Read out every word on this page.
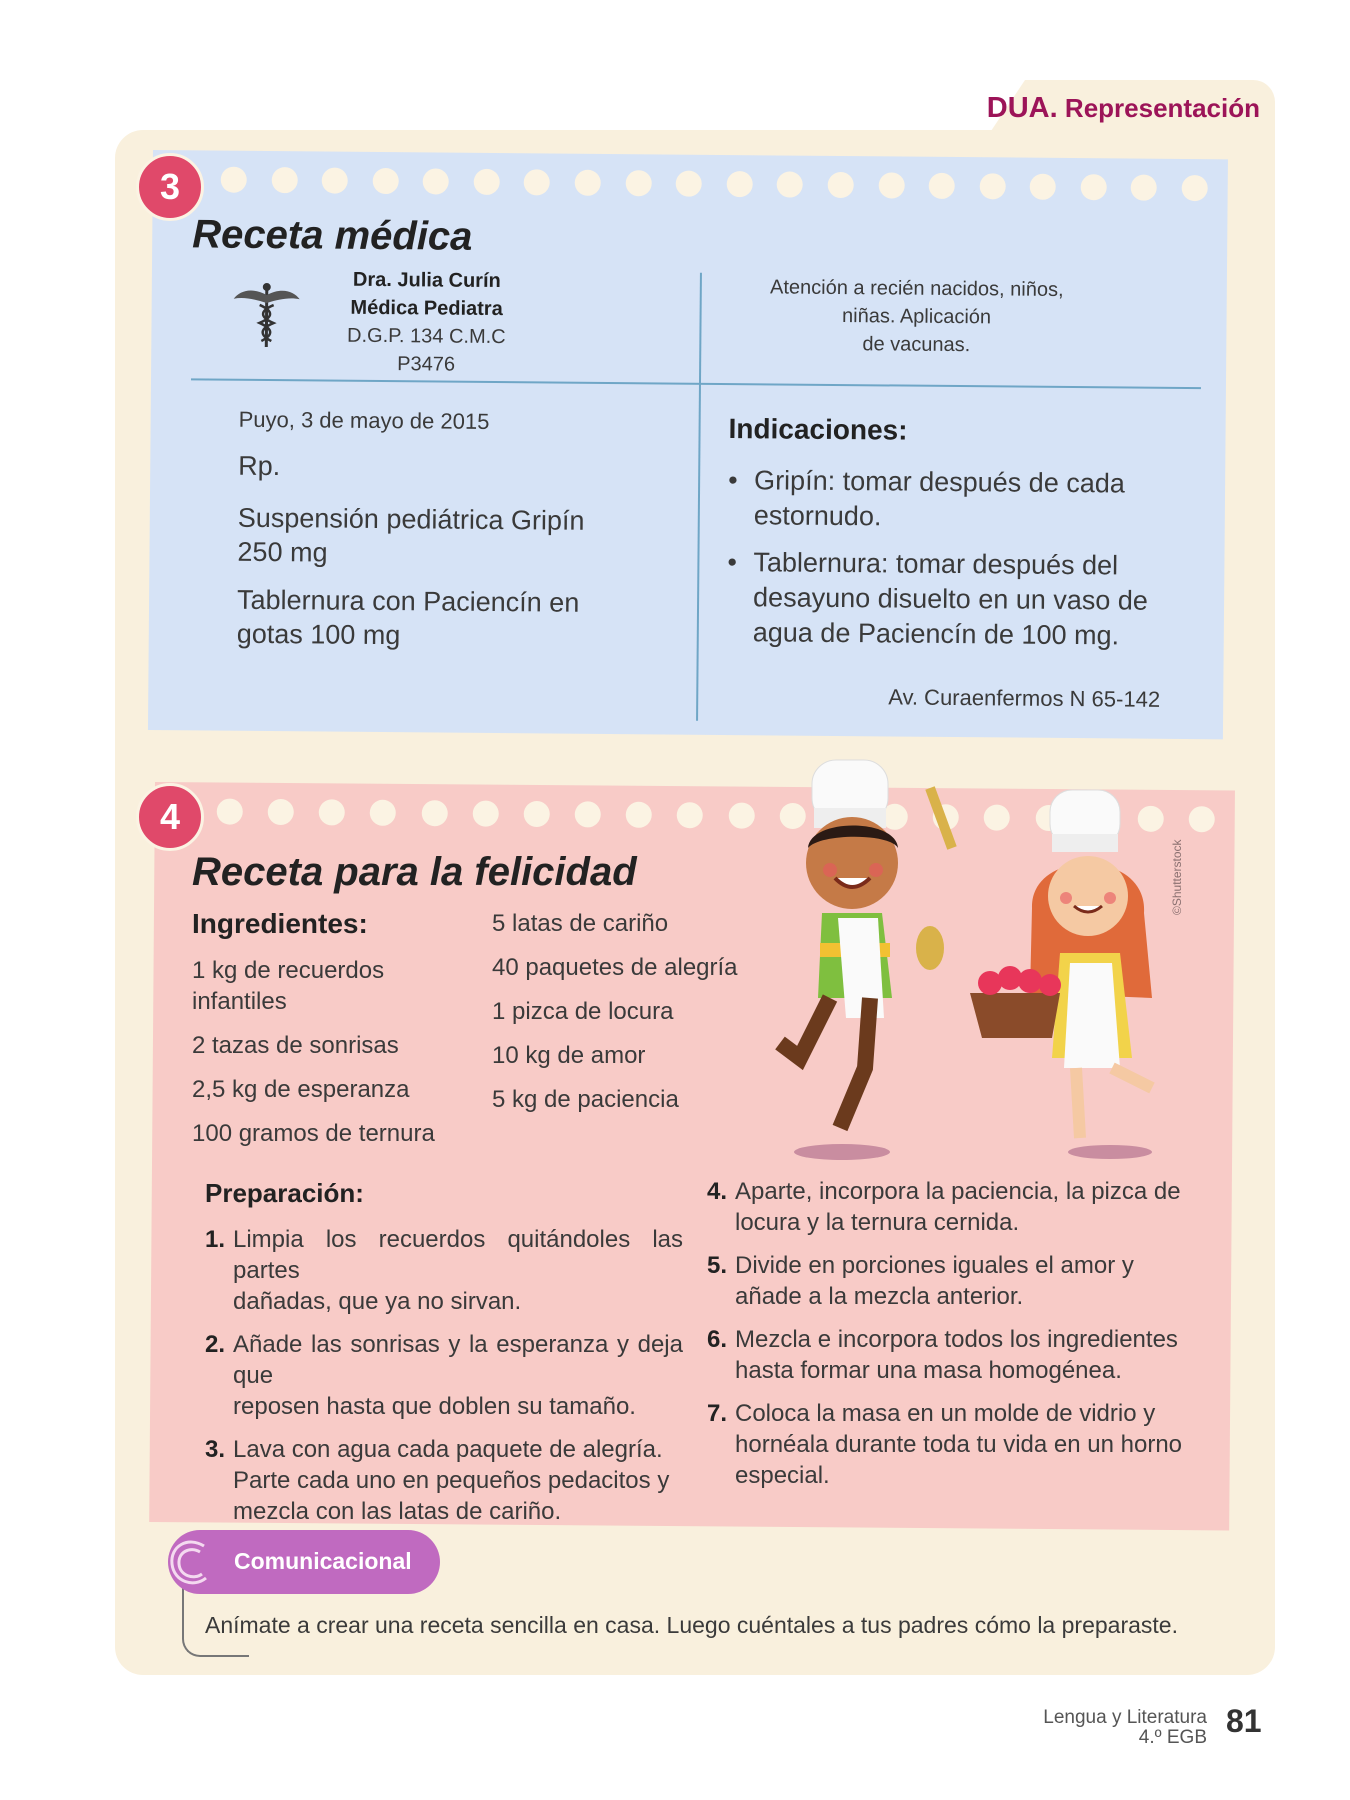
DUA. Representación
Receta médica
Dra. Julia Curín
Médica Pediatra
D.G.P. 134 C.M.C P3476
Atención a recién nacidos, niños,
niñas. Aplicación
de vacunas.
Puyo, 3 de mayo de 2015
Rp.
Suspensión pediátrica Gripín
250 mg
Tablernura con Paciencín en
gotas 100 mg
Indicaciones:
• Gripín: tomar después de cada
estornudo.
• Tablernura: tomar después del
desayuno disuelto en un vaso de
agua de Paciencín de 100 mg.
Av. Curaenfermos N 65-142
3
4
Receta para la felicidad
Ingredientes:
1 kg de recuerdos
infantiles
2 tazas de sonrisas
2,5 kg de esperanza
100 gramos de ternura
5 latas de cariño
40 paquetes de alegría
1 pizca de locura
10 kg de amor
5 kg de paciencia
©Shutterstock
Preparación:
1. Limpia los recuerdos quitándoles las partes
dañadas, que ya no sirvan.
2. Añade las sonrisas y la esperanza y deja que
reposen hasta que doblen su tamaño.
3. Lava con agua cada paquete de alegría.
Parte cada uno en pequeños pedacitos y
mezcla con las latas de cariño.
4. Aparte, incorpora la paciencia, la pizca de
locura y la ternura cernida.
5. Divide en porciones iguales el amor y
añade a la mezcla anterior.
6. Mezcla e incorpora todos los ingredientes
hasta formar una masa homogénea.
7. Coloca la masa en un molde de vidrio y
hornéala durante toda tu vida en un horno
especial.
Comunicacional
Anímate a crear una receta sencilla en casa. Luego cuéntales a tus padres cómo la preparaste.
Lengua y Literatura
4.º EGB 81
